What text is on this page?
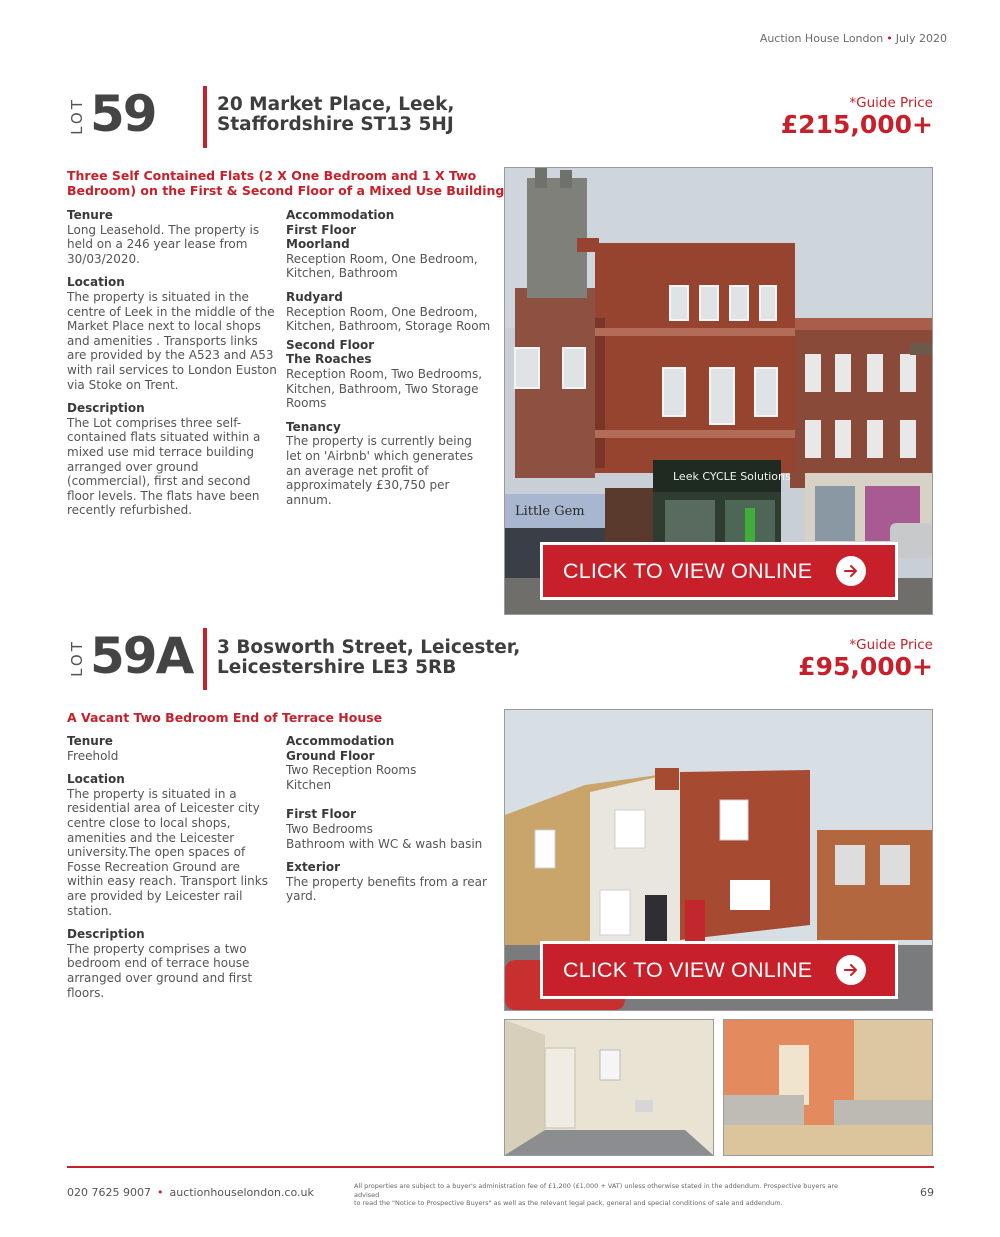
Auction House London • July 2020
LOT 59	20 Market Place, Leek,
Staffordshire ST13 5HJ
*Guide Price
£215,000+
Three Self Contained Flats (2 X One Bedroom and 1 X Two
Bedroom) on the First & Second Floor of a Mixed Use Building
Tenure

Long Leasehold. The property is held on a 246 year lease from 30/03/2020.

Location

The property is situated in the centre of Leek in the middle of the Market Place next to local shops and amenities . Transports links are provided by the A523 and A53 with rail services to London Euston via Stoke on Trent.

Description

The Lot comprises three self-contained flats situated within a mixed use mid terrace building arranged over ground (commercial), first and second floor levels. The flats have been recently refurbished.

Accommodation
First Floor
Moorland

Reception Room, One Bedroom, Kitchen, Bathroom

Rudyard

Reception Room, One Bedroom, Kitchen, Bathroom, Storage Room

Second Floor
The Roaches

Reception Room, Two Bedrooms, Kitchen, Bathroom, Two Storage Rooms

Tenancy

The property is currently being let on 'Airbnb' which generates an average net profit of approximately £30,750 per annum.

Leek CYCLE Solutions
Little Gem
CLICK TO VIEW ONLINE
LOT 59A 3 Bosworth Street, Leicester,
Leicestershire LE3 5RB
*Guide Price
£95,000+
A Vacant Two Bedroom End of Terrace House
Tenure

Freehold

Location

The property is situated in a residential area of Leicester city centre close to local shops, amenities and the Leicester university.The open spaces of Fosse Recreation Ground are within easy reach. Transport links are provided by Leicester rail station.

Description

The property comprises a two bedroom end of terrace house arranged over ground and first floors.

Accommodation
Ground Floor
Two Reception Rooms

Kitchen

First Floor
Two Bedrooms

Bathroom with WC & wash basin

Exterior

The property benefits from a rear yard.

CLICK TO VIEW ONLINE
020 7625 9007 • auctionhouselondon.co.uk	All properties are subject to a buyer's administration fee of £1,200 (£1,000 + VAT) unless otherwise stated in the addendum. Prospective buyers are advised
to read the "Notice to Prospective Buyers" as well as the relevant legal pack, general and special conditions of sale and addendum.
69
